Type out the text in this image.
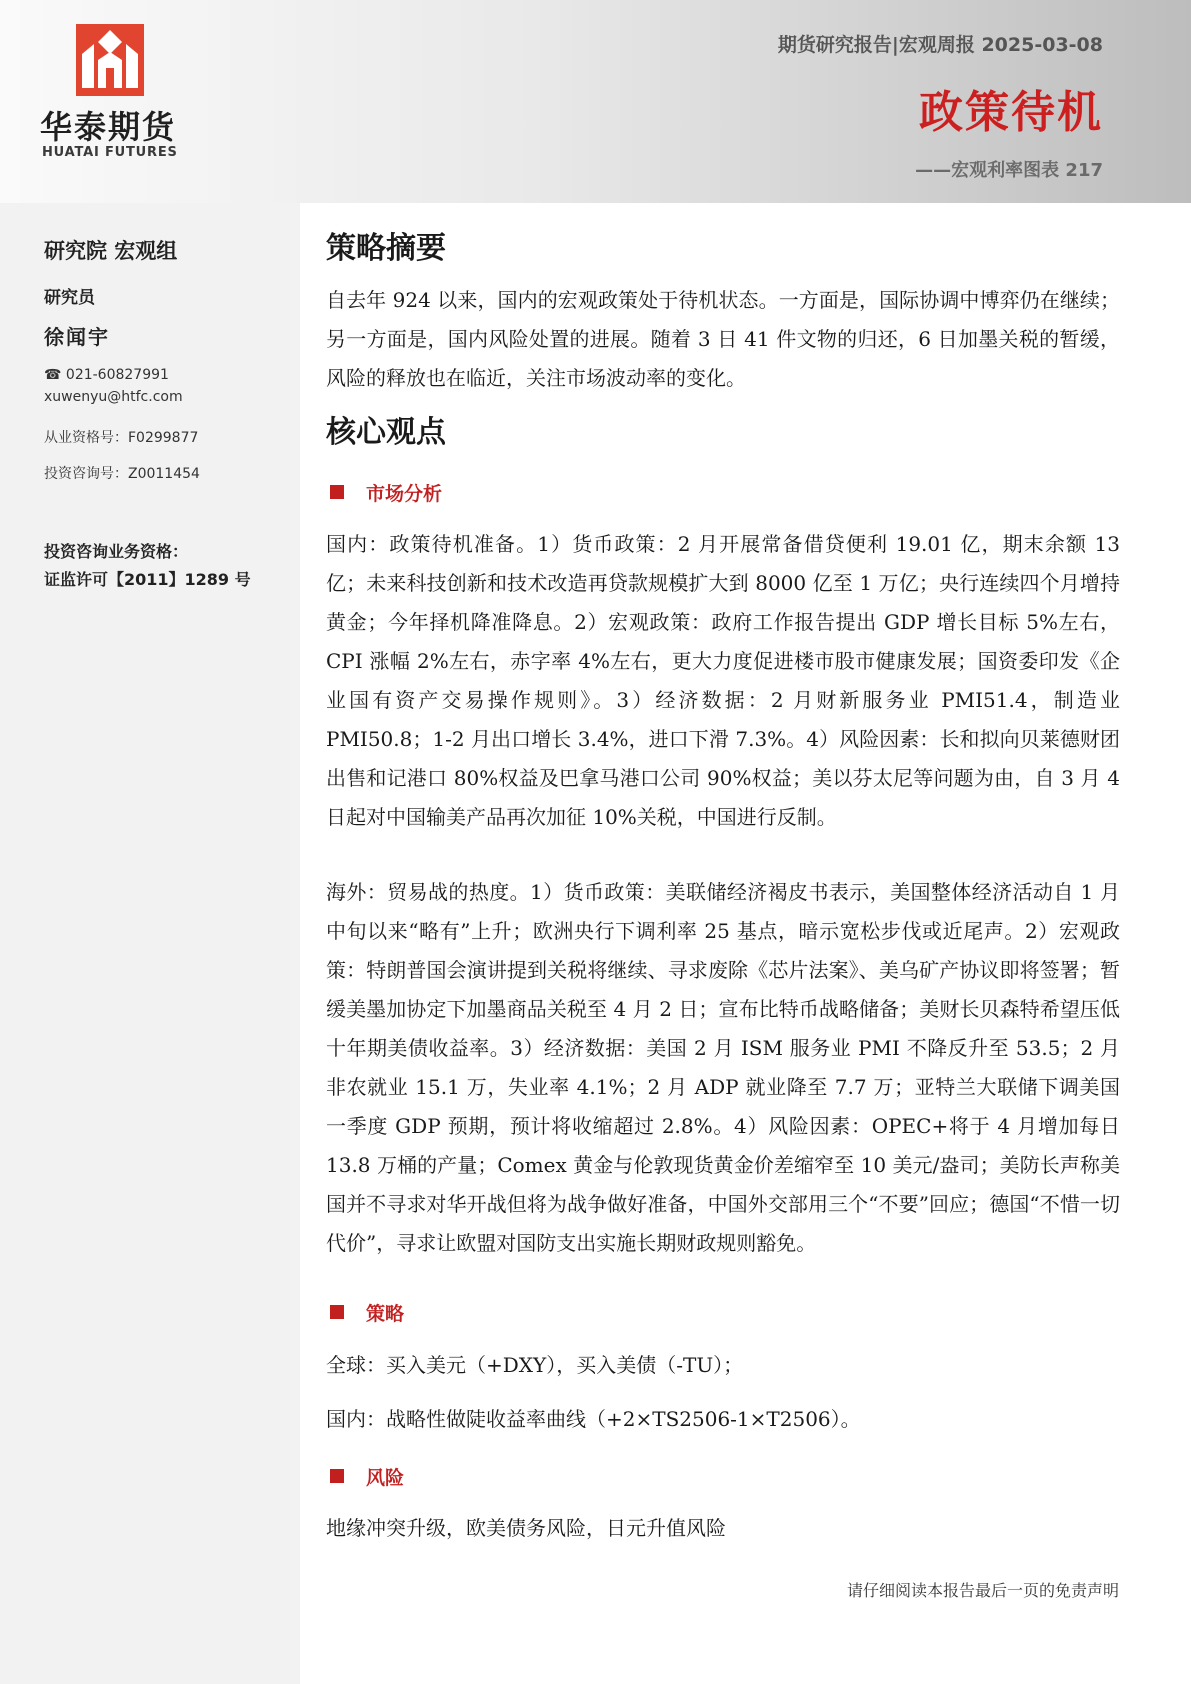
华泰期货
HUATAI FUTURES
期货研究报告|宏观周报 2025-03-08
政策待机
——宏观利率图表 217
研究院 宏观组
研究员
徐闻宇
☎ 021-60827991
xuwenyu@htfc.com
从业资格号：F0299877
投资咨询号：Z0011454
投资咨询业务资格：
证监许可【2011】1289 号
策略摘要
自去年 924 以来，国内的宏观政策处于待机状态。一方面是，国际协调中博弈仍在继续；另一方面是，国内风险处置的进展。随着 3 日 41 件文物的归还，6 日加墨关税的暂缓，风险的释放也在临近，关注市场波动率的变化。
核心观点
市场分析
国内：政策待机准备。1）货币政策：2 月开展常备借贷便利 19.01 亿，期末余额 13 亿；未来科技创新和技术改造再贷款规模扩大到 8000 亿至 1 万亿；央行连续四个月增持黄金；今年择机降准降息。2）宏观政策：政府工作报告提出 GDP 增长目标 5%左右，CPI 涨幅 2%左右，赤字率 4%左右，更大力度促进楼市股市健康发展；国资委印发《企业国有资产交易操作规则》。3）经济数据：2 月财新服务业 PMI51.4，制造业 PMI50.8；1-2 月出口增长 3.4%，进口下滑 7.3%。4）风险因素：长和拟向贝莱德财团出售和记港口 80%权益及巴拿马港口公司 90%权益；美以芬太尼等问题为由，自 3 月 4 日起对中国输美产品再次加征 10%关税，中国进行反制。
海外：贸易战的热度。1）货币政策：美联储经济褐皮书表示，美国整体经济活动自 1 月中旬以来“略有”上升；欧洲央行下调利率 25 基点，暗示宽松步伐或近尾声。2）宏观政策：特朗普国会演讲提到关税将继续、寻求废除《芯片法案》、美乌矿产协议即将签署；暂缓美墨加协定下加墨商品关税至 4 月 2 日；宣布比特币战略储备；美财长贝森特希望压低十年期美债收益率。3）经济数据：美国 2 月 ISM 服务业 PMI 不降反升至 53.5；2 月非农就业 15.1 万，失业率 4.1%；2 月 ADP 就业降至 7.7 万；亚特兰大联储下调美国一季度 GDP 预期，预计将收缩超过 2.8%。4）风险因素：OPEC+将于 4 月增加每日 13.8 万桶的产量；Comex 黄金与伦敦现货黄金价差缩窄至 10 美元/盎司；美防长声称美国并不寻求对华开战但将为战争做好准备，中国外交部用三个“不要”回应；德国“不惜一切代价”，寻求让欧盟对国防支出实施长期财政规则豁免。
策略
全球：买入美元（+DXY），买入美债（-TU）；
国内：战略性做陡收益率曲线（+2×TS2506-1×T2506）。
风险
地缘冲突升级，欧美债务风险，日元升值风险
请仔细阅读本报告最后一页的免责声明
